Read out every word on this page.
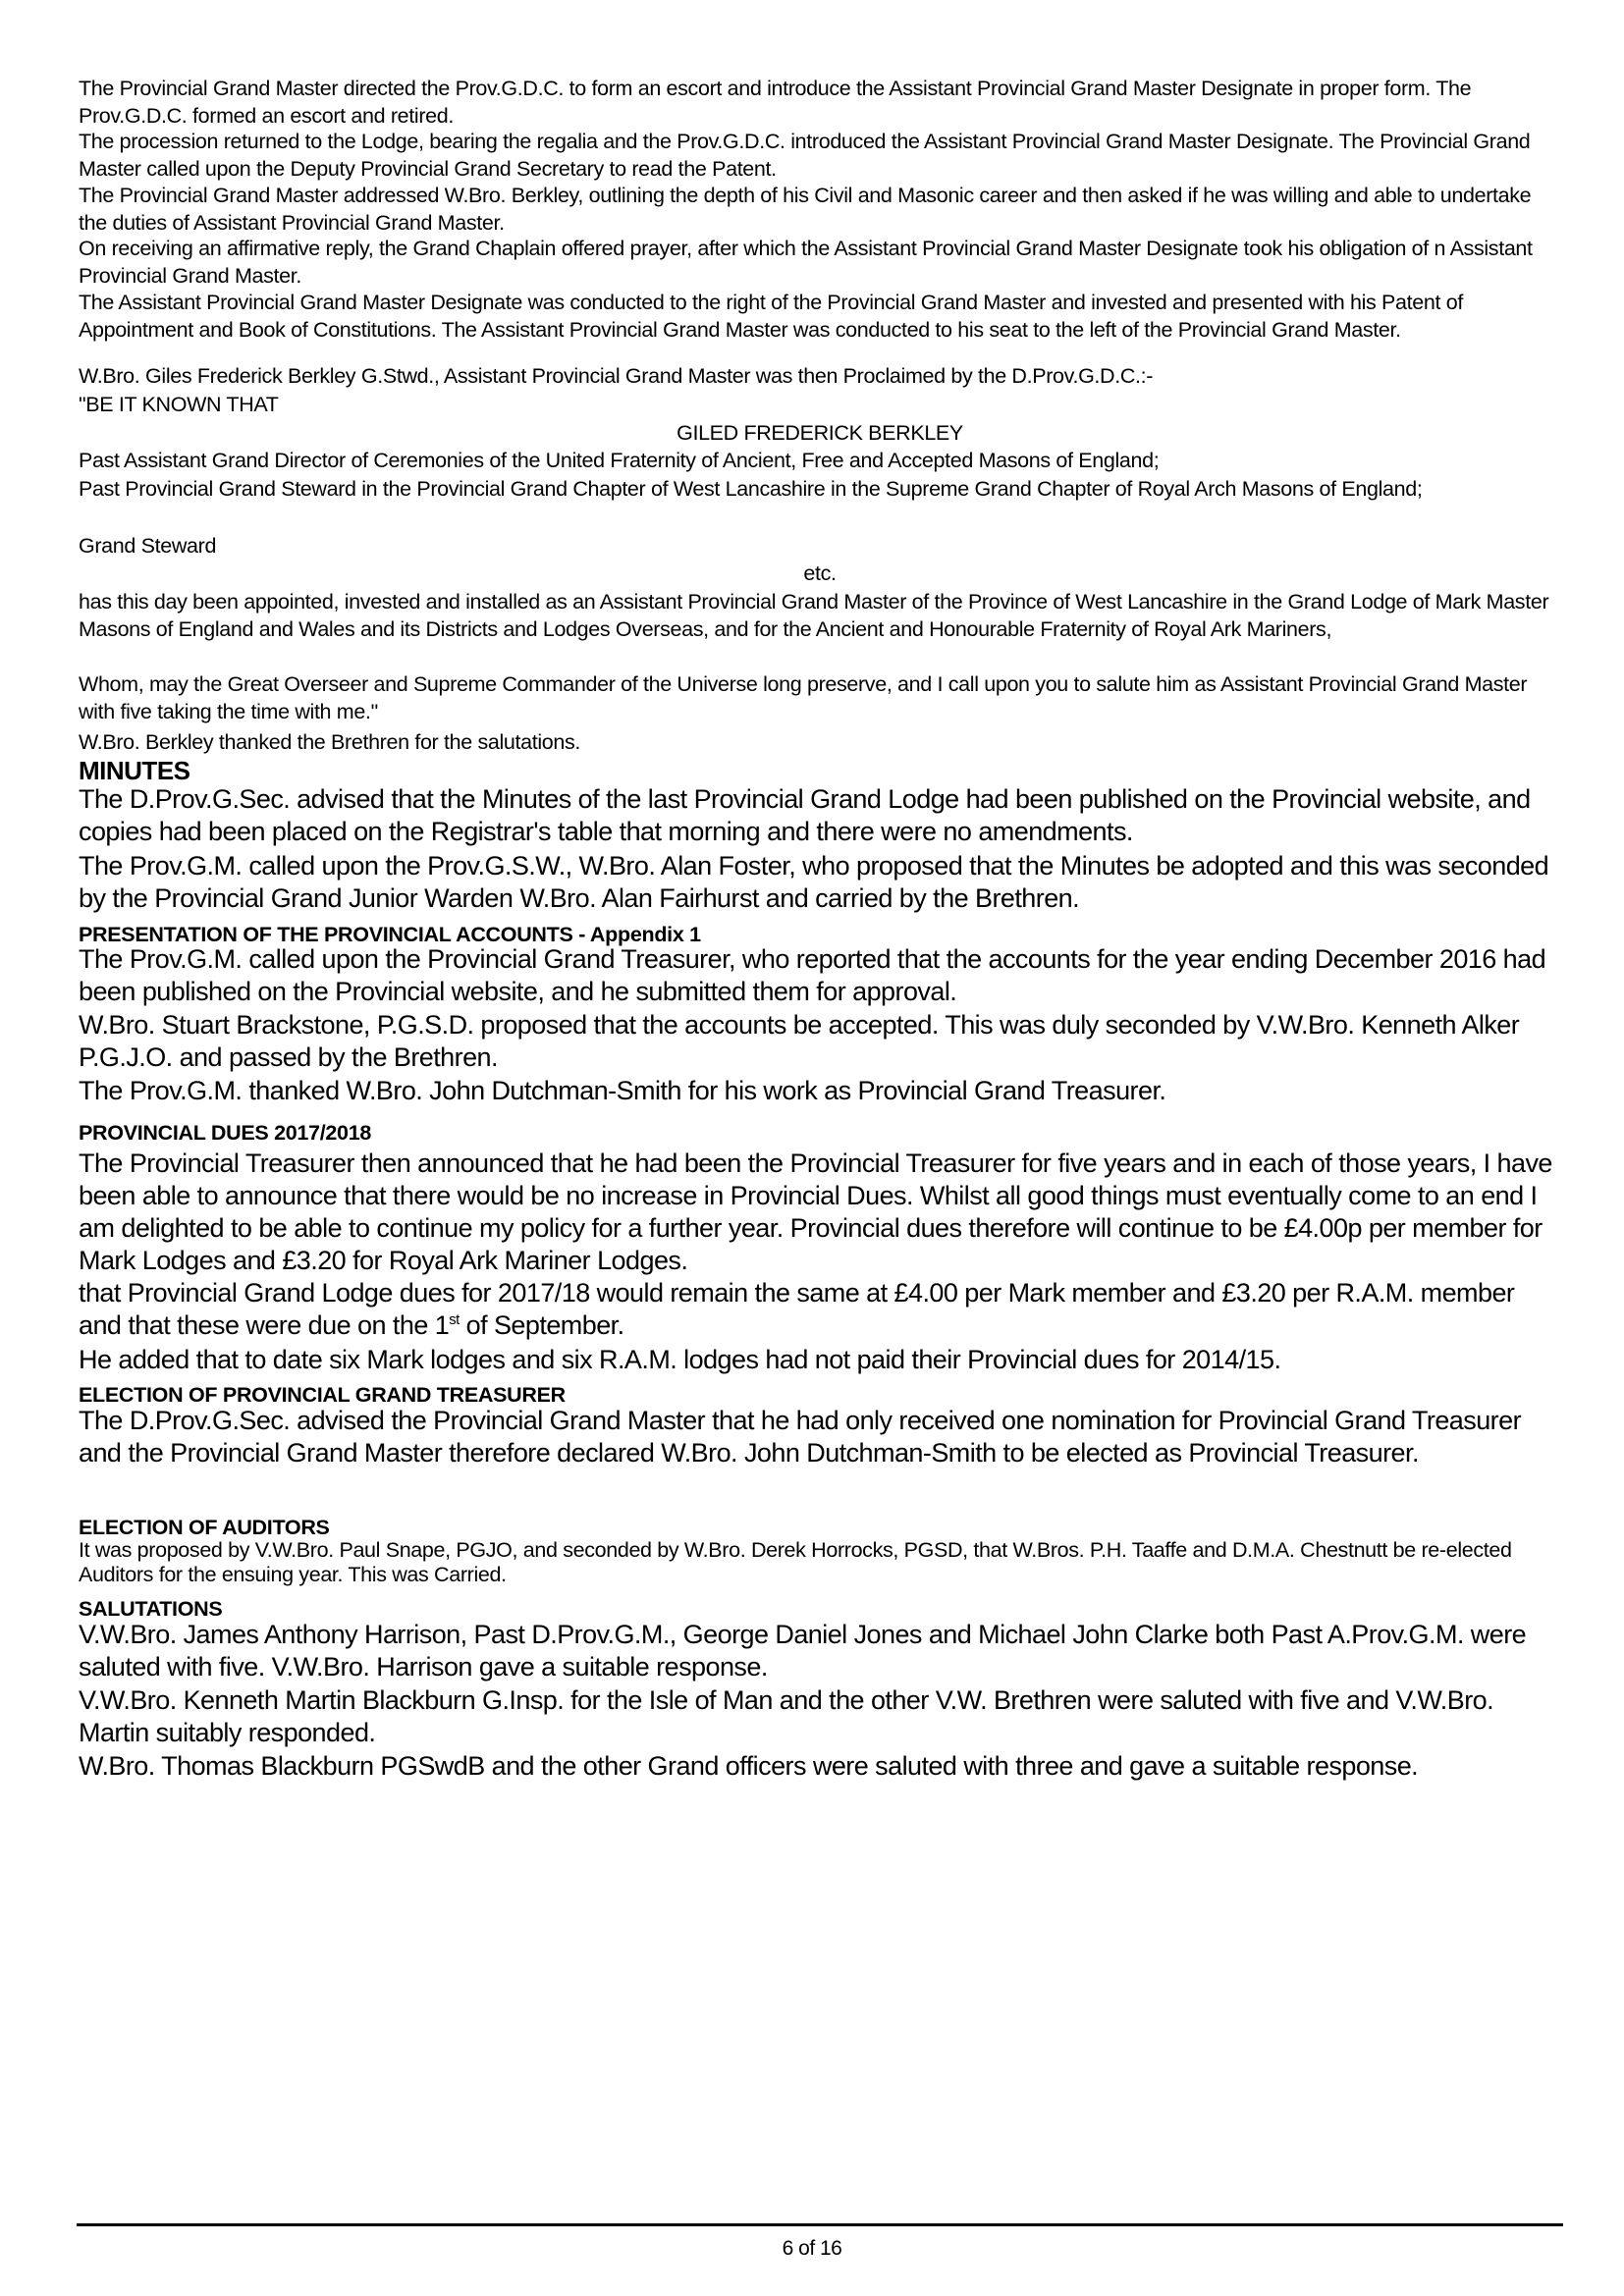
The Provincial Grand Master directed the Prov.G.D.C. to form an escort and introduce the Assistant Provincial Grand Master Designate in proper form. The Prov.G.D.C. formed an escort and retired.

The procession returned to the Lodge, bearing the regalia and the Prov.G.D.C. introduced the Assistant Provincial Grand Master Designate. The Provincial Grand Master called upon the Deputy Provincial Grand Secretary to read the Patent.

The Provincial Grand Master addressed W.Bro. Berkley, outlining the depth of his Civil and Masonic career and then asked if he was willing and able to undertake the duties of Assistant Provincial Grand Master.

On receiving an affirmative reply, the Grand Chaplain offered prayer, after which the Assistant Provincial Grand Master Designate took his obligation of n Assistant Provincial Grand Master.

The Assistant Provincial Grand Master Designate was conducted to the right of the Provincial Grand Master and invested and presented with his Patent of Appointment and Book of Constitutions. The Assistant Provincial Grand Master was conducted to his seat to the left of the Provincial Grand Master.

W.Bro. Giles Frederick Berkley G.Stwd., Assistant Provincial Grand Master was then Proclaimed by the D.Prov.G.D.C.:-

"BE IT KNOWN THAT

GILED FREDERICK BERKLEY

Past Assistant Grand Director of Ceremonies of the United Fraternity of Ancient, Free and Accepted Masons of England;

Past Provincial Grand Steward in the Provincial Grand Chapter of West Lancashire in the Supreme Grand Chapter of Royal Arch Masons of England;

Grand Steward

etc.

has this day been appointed, invested and installed as an Assistant Provincial Grand Master of the Province of West Lancashire in the Grand Lodge of Mark Master Masons of England and Wales and its Districts and Lodges Overseas, and for the Ancient and Honourable Fraternity of Royal Ark Mariners,

Whom, may the Great Overseer and Supreme Commander of the Universe long preserve, and I call upon you to salute him as Assistant Provincial Grand Master with five taking the time with me."

W.Bro. Berkley thanked the Brethren for the salutations.

MINUTES

The D.Prov.G.Sec. advised that the Minutes of the last Provincial Grand Lodge had been published on the Provincial website, and copies had been placed on the Registrar's table that morning and there were no amendments.

The Prov.G.M. called upon the Prov.G.S.W., W.Bro. Alan Foster, who proposed that the Minutes be adopted and this was seconded by the Provincial Grand Junior Warden W.Bro. Alan Fairhurst and carried by the Brethren.

PRESENTATION OF THE PROVINCIAL ACCOUNTS - Appendix 1

The Prov.G.M. called upon the Provincial Grand Treasurer, who reported that the accounts for the year ending December 2016 had been published on the Provincial website, and he submitted them for approval.

W.Bro. Stuart Brackstone, P.G.S.D. proposed that the accounts be accepted. This was duly seconded by V.W.Bro. Kenneth Alker P.G.J.O. and passed by the Brethren.

The Prov.G.M. thanked W.Bro. John Dutchman-Smith for his work as Provincial Grand Treasurer.

PROVINCIAL DUES 2017/2018

The Provincial Treasurer then announced that he had been the Provincial Treasurer for five years and in each of those years, I have been able to announce that there would be no increase in Provincial Dues. Whilst all good things must eventually come to an end I am delighted to be able to continue my policy for a further year. Provincial dues therefore will continue to be £4.00p per member for Mark Lodges and £3.20 for Royal Ark Mariner Lodges.

that Provincial Grand Lodge dues for 2017/18 would remain the same at £4.00 per Mark member and £3.20 per R.A.M. member and that these were due on the 1st of September.

He added that to date six Mark lodges and six R.A.M. lodges had not paid their Provincial dues for 2014/15.

ELECTION OF PROVINCIAL GRAND TREASURER

The D.Prov.G.Sec. advised the Provincial Grand Master that he had only received one nomination for Provincial Grand Treasurer and the Provincial Grand Master therefore declared W.Bro. John Dutchman-Smith to be elected as Provincial Treasurer.

ELECTION OF AUDITORS

It was proposed by V.W.Bro. Paul Snape, PGJO, and seconded by W.Bro. Derek Horrocks, PGSD, that W.Bros. P.H. Taaffe and D.M.A. Chestnutt be re-elected Auditors for the ensuing year. This was Carried.

SALUTATIONS

V.W.Bro. James Anthony Harrison, Past D.Prov.G.M., George Daniel Jones and Michael John Clarke both Past A.Prov.G.M. were saluted with five. V.W.Bro. Harrison gave a suitable response.

V.W.Bro. Kenneth Martin Blackburn G.Insp. for the Isle of Man and the other V.W. Brethren were saluted with five and V.W.Bro. Martin suitably responded.

W.Bro. Thomas Blackburn PGSwdB and the other Grand officers were saluted with three and gave a suitable response.

6 of 16
